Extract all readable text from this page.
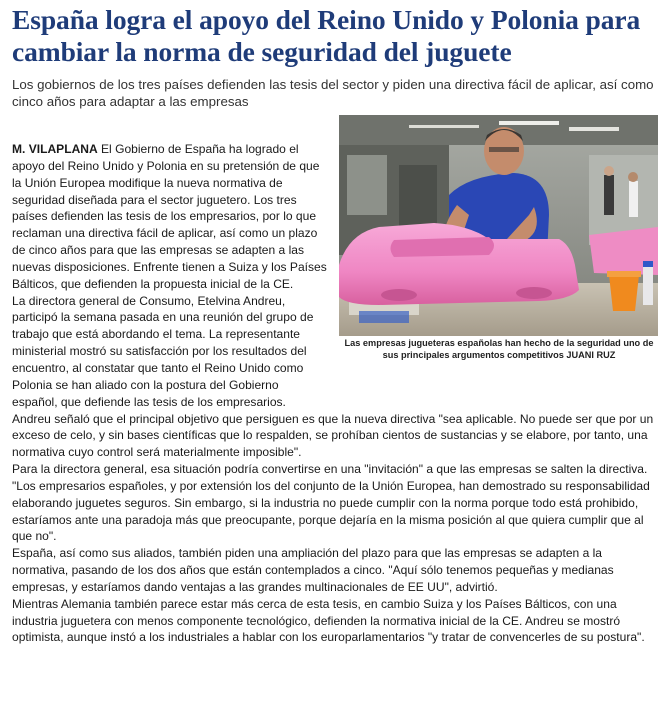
España logra el apoyo del Reino Unido y Polonia para cambiar la norma de seguridad del juguete

Los gobiernos de los tres países defienden las tesis del sector y piden una directiva fácil de aplicar, así como cinco años para adaptar a las empresas

Las empresas jugueteras españolas han hecho de la seguridad uno de sus principales argumentos competitivos JUANI RUZ

M. VILAPLANA El Gobierno de España ha logrado el apoyo del Reino Unido y Polonia en su pretensión de que la Unión Europea modifique la nueva normativa de seguridad diseñada para el sector juguetero. Los tres países defienden las tesis de los empresarios, por lo que reclaman una directiva fácil de aplicar, así como un plazo de cinco años para que las empresas se adapten a las nuevas disposiciones. Enfrente tienen a Suiza y los Países Bálticos, que defienden la propuesta inicial de la CE.

La directora general de Consumo, Etelvina Andreu, participó la semana pasada en una reunión del grupo de trabajo que está abordando el tema. La representante ministerial mostró su satisfacción por los resultados del encuentro, al constatar que tanto el Reino Unido como Polonia se han aliado con la postura del Gobierno español, que defiende las tesis de los empresarios.

Andreu señaló que el principal objetivo que persiguen es que la nueva directiva "sea aplicable. No puede ser que por un exceso de celo, y sin bases científicas que lo respalden, se prohíban cientos de sustancias y se elabore, por tanto, una normativa cuyo control será materialmente imposible".

Para la directora general, esa situación podría convertirse en una "invitación" a que las empresas se salten la directiva. "Los empresarios españoles, y por extensión los del conjunto de la Unión Europea, han demostrado su responsabilidad elaborando juguetes seguros. Sin embargo, si la industria no puede cumplir con la norma porque todo está prohibido, estaríamos ante una paradoja más que preocupante, porque dejaría en la misma posición al que quiera cumplir que al que no".

España, así como sus aliados, también piden una ampliación del plazo para que las empresas se adapten a la normativa, pasando de los dos años que están contemplados a cinco. "Aquí sólo tenemos pequeñas y medianas empresas, y estaríamos dando ventajas a las grandes multinacionales de EE UU", advirtió.

Mientras Alemania también parece estar más cerca de esta tesis, en cambio Suiza y los Países Bálticos, con una industria juguetera con menos componente tecnológico, defienden la normativa inicial de la CE. Andreu se mostró optimista, aunque instó a los industriales a hablar con los europarlamentarios "y tratar de convencerles de su postura".
